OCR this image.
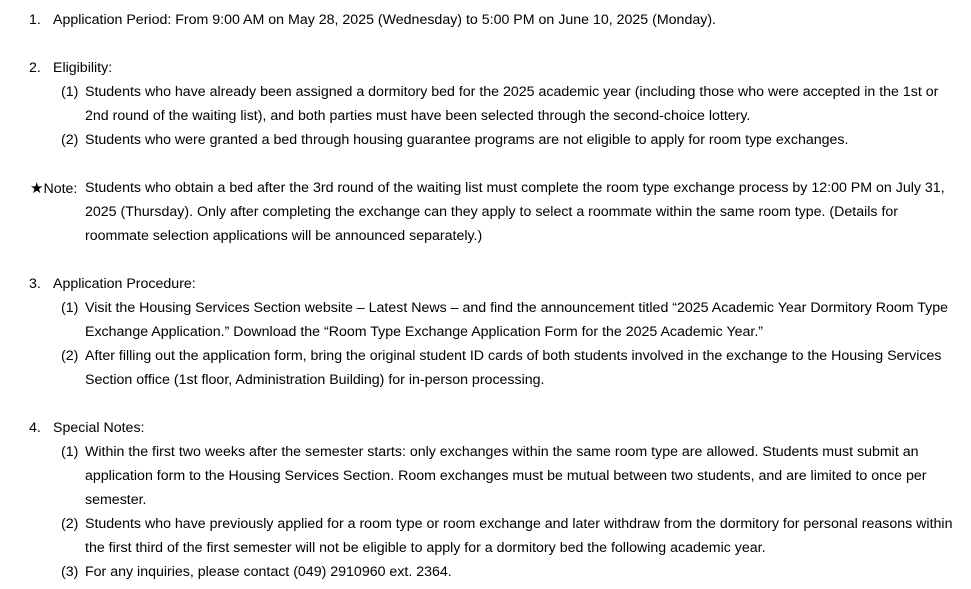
1. Application Period: From 9:00 AM on May 28, 2025 (Wednesday) to 5:00 PM on June 10, 2025 (Monday).
2. Eligibility:
(1) Students who have already been assigned a dormitory bed for the 2025 academic year (including those who were accepted in the 1st or 2nd round of the waiting list), and both parties must have been selected through the second-choice lottery.
(2) Students who were granted a bed through housing guarantee programs are not eligible to apply for room type exchanges.
★Note: Students who obtain a bed after the 3rd round of the waiting list must complete the room type exchange process by 12:00 PM on July 31, 2025 (Thursday). Only after completing the exchange can they apply to select a roommate within the same room type. (Details for roommate selection applications will be announced separately.)
3. Application Procedure:
(1) Visit the Housing Services Section website – Latest News – and find the announcement titled “2025 Academic Year Dormitory Room Type Exchange Application.” Download the “Room Type Exchange Application Form for the 2025 Academic Year.”
(2) After filling out the application form, bring the original student ID cards of both students involved in the exchange to the Housing Services Section office (1st floor, Administration Building) for in-person processing.
4. Special Notes:
(1) Within the first two weeks after the semester starts: only exchanges within the same room type are allowed. Students must submit an application form to the Housing Services Section. Room exchanges must be mutual between two students, and are limited to once per semester.
(2) Students who have previously applied for a room type or room exchange and later withdraw from the dormitory for personal reasons within the first third of the first semester will not be eligible to apply for a dormitory bed the following academic year.
(3) For any inquiries, please contact (049) 2910960 ext. 2364.
